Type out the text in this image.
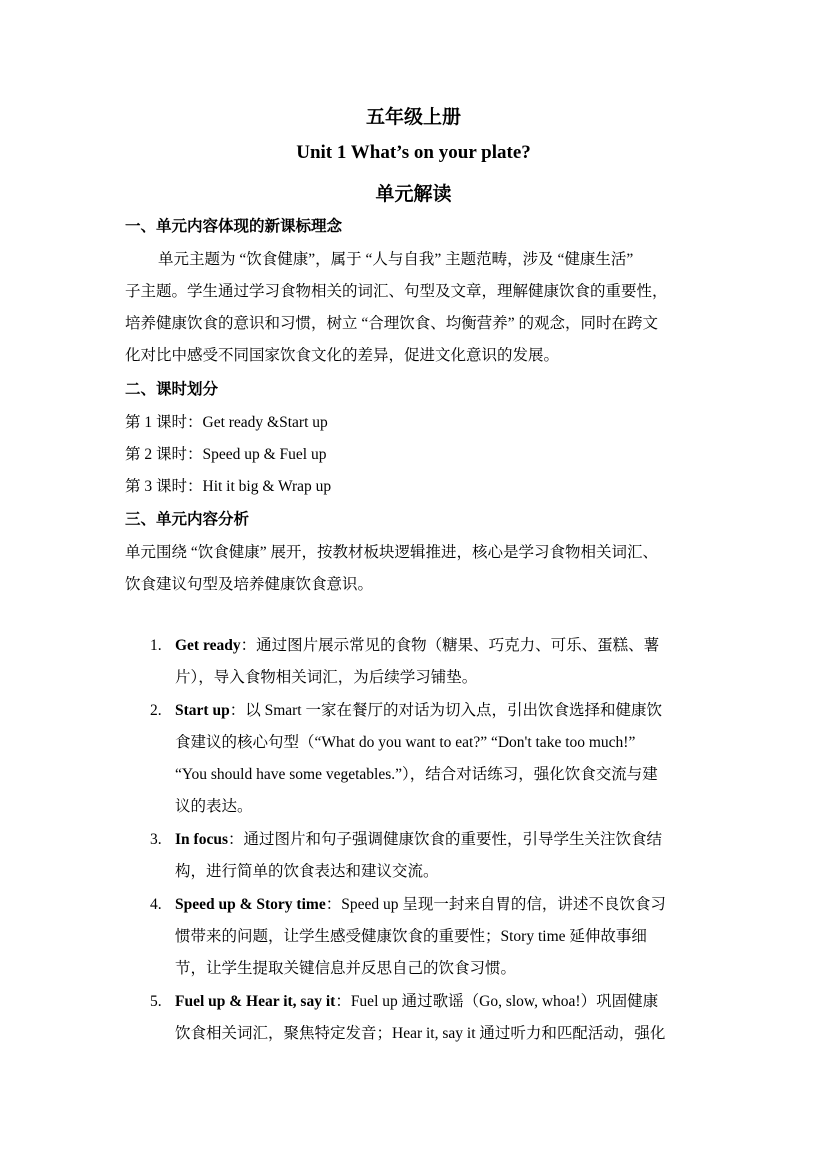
五年级上册
Unit 1 What’s on your plate?
单元解读
一、单元内容体现的新课标理念
单元主题为 “饮食健康”，属于 “人与自我” 主题范畴，涉及 “健康生活”
子主题。学生通过学习食物相关的词汇、句型及文章，理解健康饮食的重要性，
培养健康饮食的意识和习惯，树立 “合理饮食、均衡营养” 的观念，同时在跨文
化对比中感受不同国家饮食文化的差异，促进文化意识的发展。
二、课时划分
第 1 课时：Get ready &Start up
第 2 课时：Speed up & Fuel up
第 3 课时：Hit it big & Wrap up
三、单元内容分析
单元围绕 “饮食健康” 展开，按教材板块逻辑推进，核心是学习食物相关词汇、
饮食建议句型及培养健康饮食意识。
1. Get ready：通过图片展示常见的食物（糖果、巧克力、可乐、蛋糕、薯
片），导入食物相关词汇，为后续学习铺垫。
2. Start up：以 Smart 一家在餐厅的对话为切入点，引出饮食选择和健康饮
食建议的核心句型（“What do you want to eat?” “Don't take too much!”
“You should have some vegetables.”），结合对话练习，强化饮食交流与建
议的表达。
3. In focus：通过图片和句子强调健康饮食的重要性，引导学生关注饮食结
构，进行简单的饮食表达和建议交流。
4. Speed up & Story time：Speed up 呈现一封来自胃的信，讲述不良饮食习
惯带来的问题，让学生感受健康饮食的重要性；Story time 延伸故事细
节，让学生提取关键信息并反思自己的饮食习惯。
5. Fuel up & Hear it, say it：Fuel up 通过歌谣（Go, slow, whoa!）巩固健康
饮食相关词汇，聚焦特定发音；Hear it, say it 通过听力和匹配活动，强化
